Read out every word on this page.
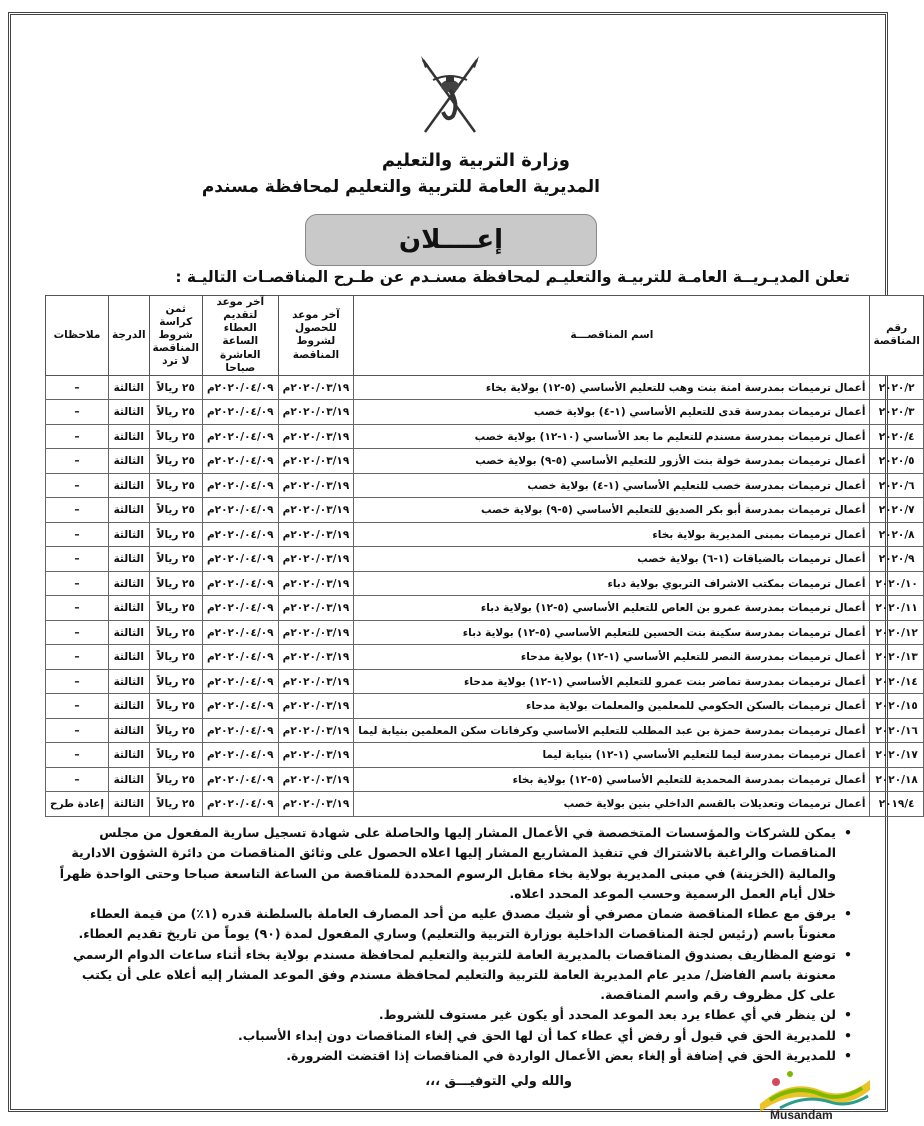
وزارة التربية والتعليم
المديرية العامة للتربية والتعليم لمحافظة مسندم
إعــــلان
تعلن المديـريــة العامـة للتربيـة والتعليـم لمحافظة مسنـدم عن طـرح المناقصـات التاليـة :
رقم المناقصة	اسم المناقصـــة	آخر موعد للحصول لشروط المناقصة	آخر موعد لتقديم العطاء الساعة العاشرة صباحا	ثمن كراسة شروط المناقصة لا ترد	الدرجة	ملاحظات
٢٠٢٠/٢	أعمال ترميمات بمدرسة امنة بنت وهب للتعليم الأساسي (٥-١٢) بولاية بخاء	٢٠٢٠/٠٣/١٩م	٢٠٢٠/٠٤/٠٩م	٢٥ ريالاً	الثالثة	–
٢٠٢٠/٣	أعمال ترميمات بمدرسة قدى للتعليم الأساسي (١-٤) بولاية خصب	٢٠٢٠/٠٣/١٩م	٢٠٢٠/٠٤/٠٩م	٢٥ ريالاً	الثالثة	–
٢٠٢٠/٤	أعمال ترميمات بمدرسة مسندم للتعليم ما بعد الأساسي (١٠-١٢) بولاية خصب	٢٠٢٠/٠٣/١٩م	٢٠٢٠/٠٤/٠٩م	٢٥ ريالاً	الثالثة	–
٢٠٢٠/٥	أعمال ترميمات بمدرسة خولة بنت الأزور للتعليم الأساسي (٥-٩) بولاية خصب	٢٠٢٠/٠٣/١٩م	٢٠٢٠/٠٤/٠٩م	٢٥ ريالاً	الثالثة	–
٢٠٢٠/٦	أعمال ترميمات بمدرسة خصب للتعليم الأساسي (١-٤) بولاية خصب	٢٠٢٠/٠٣/١٩م	٢٠٢٠/٠٤/٠٩م	٢٥ ريالاً	الثالثة	–
٢٠٢٠/٧	أعمال ترميمات بمدرسة أبو بكر الصديق للتعليم الأساسي (٥-٩) بولاية خصب	٢٠٢٠/٠٣/١٩م	٢٠٢٠/٠٤/٠٩م	٢٥ ريالاً	الثالثة	–
٢٠٢٠/٨	أعمال ترميمات بمبنى المديرية بولاية بخاء	٢٠٢٠/٠٣/١٩م	٢٠٢٠/٠٤/٠٩م	٢٥ ريالاً	الثالثة	–
٢٠٢٠/٩	أعمال ترميمات بالضياقات (١-٦) بولاية خصب	٢٠٢٠/٠٣/١٩م	٢٠٢٠/٠٤/٠٩م	٢٥ ريالاً	الثالثة	–
٢٠٢٠/١٠	أعمال ترميمات بمكتب الاشراف التربوي بولاية دباء	٢٠٢٠/٠٣/١٩م	٢٠٢٠/٠٤/٠٩م	٢٥ ريالاً	الثالثة	–
٢٠٢٠/١١	أعمال ترميمات بمدرسة عمرو بن العاص للتعليم الأساسي (٥-١٢) بولاية دباء	٢٠٢٠/٠٣/١٩م	٢٠٢٠/٠٤/٠٩م	٢٥ ريالاً	الثالثة	–
٢٠٢٠/١٢	أعمال ترميمات بمدرسة سكينة بنت الحسين للتعليم الأساسي (٥-١٢) بولاية دباء	٢٠٢٠/٠٣/١٩م	٢٠٢٠/٠٤/٠٩م	٢٥ ريالاً	الثالثة	–
٢٠٢٠/١٣	أعمال ترميمات بمدرسة النصر للتعليم الأساسي (١-١٢) بولاية مدحاء	٢٠٢٠/٠٣/١٩م	٢٠٢٠/٠٤/٠٩م	٢٥ ريالاً	الثالثة	–
٢٠٢٠/١٤	أعمال ترميمات بمدرسة تماضر بنت عمرو للتعليم الأساسي (١-١٢) بولاية مدحاء	٢٠٢٠/٠٣/١٩م	٢٠٢٠/٠٤/٠٩م	٢٥ ريالاً	الثالثة	–
٢٠٢٠/١٥	أعمال ترميمات بالسكن الحكومي للمعلمين والمعلمات بولاية مدحاء	٢٠٢٠/٠٣/١٩م	٢٠٢٠/٠٤/٠٩م	٢٥ ريالاً	الثالثة	–
٢٠٢٠/١٦	أعمال ترميمات بمدرسة حمزة بن عبد المطلب للتعليم الأساسي وكرفانات سكن المعلمين بنيابة ليما	٢٠٢٠/٠٣/١٩م	٢٠٢٠/٠٤/٠٩م	٢٥ ريالاً	الثالثة	–
٢٠٢٠/١٧	أعمال ترميمات بمدرسة ليما للتعليم الأساسي (١-١٢) بنيابة ليما	٢٠٢٠/٠٣/١٩م	٢٠٢٠/٠٤/٠٩م	٢٥ ريالاً	الثالثة	–
٢٠٢٠/١٨	أعمال ترميمات بمدرسة المحمدية للتعليم الأساسي (٥-١٢) بولاية بخاء	٢٠٢٠/٠٣/١٩م	٢٠٢٠/٠٤/٠٩م	٢٥ ريالاً	الثالثة	–
٢٠١٩/٤	أعمال ترميمات وتعديلات بالقسم الداخلي بنين بولاية خصب	٢٠٢٠/٠٣/١٩م	٢٠٢٠/٠٤/٠٩م	٢٥ ريالاً	الثالثة	إعادة طرح
• يمكن للشركات والمؤسسات المتخصصة في الأعمال المشار إليها والحاصلة على شهادة تسجيل سارية المفعول من مجلس المناقصات والراغبة بالاشتراك في تنفيذ المشاريع المشار إليها اعلاه الحصول على وثائق المناقصات من دائرة الشؤون الادارية والمالية (الخزينة) في مبنى المديرية بولاية بخاء مقابل الرسوم المحددة للمناقصة من الساعة التاسعة صباحا وحتى الواحدة ظهراً خلال أيام العمل الرسمية وحسب الموعد المحدد اعلاه.
• يرفق مع عطاء المناقصة ضمان مصرفي أو شيك مصدق عليه من أحد المصارف العاملة بالسلطنة قدره (١٪) من قيمة العطاء معنوناً باسم (رئيس لجنة المناقصات الداخلية بوزارة التربية والتعليم) وساري المفعول لمدة (٩٠) يوماً من تاريخ تقديم العطاء.
• توضع المظاريف بصندوق المناقصات بالمديرية العامة للتربية والتعليم لمحافظة مسندم بولاية بخاء أثناء ساعات الدوام الرسمي معنونة باسم الفاضل/ مدير عام المديرية العامة للتربية والتعليم لمحافظة مسندم وفق الموعد المشار إليه أعلاه على أن يكتب على كل مظروف رقم واسم المناقصة.
• لن ينظر في أي عطاء يرد بعد الموعد المحدد أو يكون غير مستوف للشروط.
• للمديرية الحق في قبول أو رفض أي عطاء كما أن لها الحق في إلغاء المناقصات دون إبداء الأسباب.
• للمديرية الحق في إضافة أو إلغاء بعض الأعمال الواردة في المناقصات إذا اقتضت الضرورة.
والله ولي التوفيـــق ،،،
Musandam
